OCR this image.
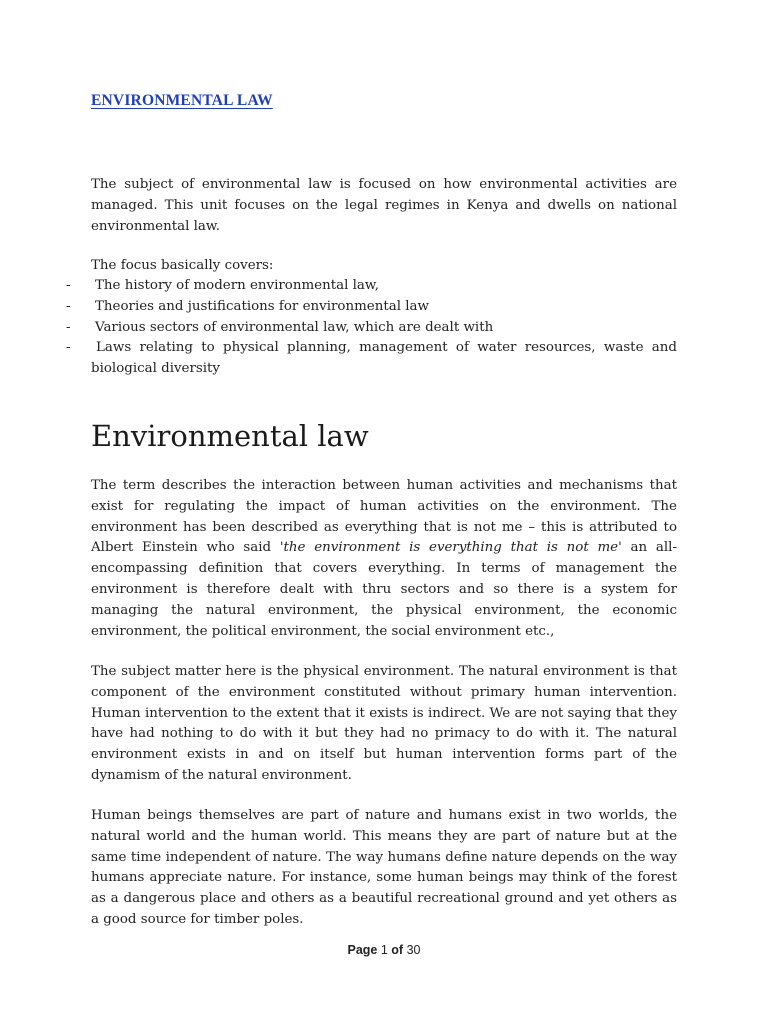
ENVIRONMENTAL LAW
The subject of environmental law is focused on how environmental activities are managed. This unit focuses on the legal regimes in Kenya and dwells on national environmental law.
The focus basically covers:
- The history of modern environmental law,
- Theories and justifications for environmental law
- Various sectors of environmental law, which are dealt with
-	Laws relating to physical planning, management of water resources, waste and biological diversity
Environmental law
The term describes the interaction between human activities and mechanisms that exist for regulating the impact of human activities on the environment. The environment has been described as everything that is not me – this is attributed to Albert Einstein who said 'the environment is everything that is not me' an all-encompassing definition that covers everything. In terms of management the environment is therefore dealt with thru sectors and so there is a system for managing the natural environment, the physical environment, the economic environment, the political environment, the social environment etc.,
The subject matter here is the physical environment. The natural environment is that component of the environment constituted without primary human intervention. Human intervention to the extent that it exists is indirect. We are not saying that they have had nothing to do with it but they had no primacy to do with it. The natural environment exists in and on itself but human intervention forms part of the dynamism of the natural environment.
Human beings themselves are part of nature and humans exist in two worlds, the natural world and the human world. This means they are part of nature but at the same time independent of nature. The way humans define nature depends on the way humans appreciate nature. For instance, some human beings may think of the forest as a dangerous place and others as a beautiful recreational ground and yet others as a good source for timber poles.
Page 1 of 30
